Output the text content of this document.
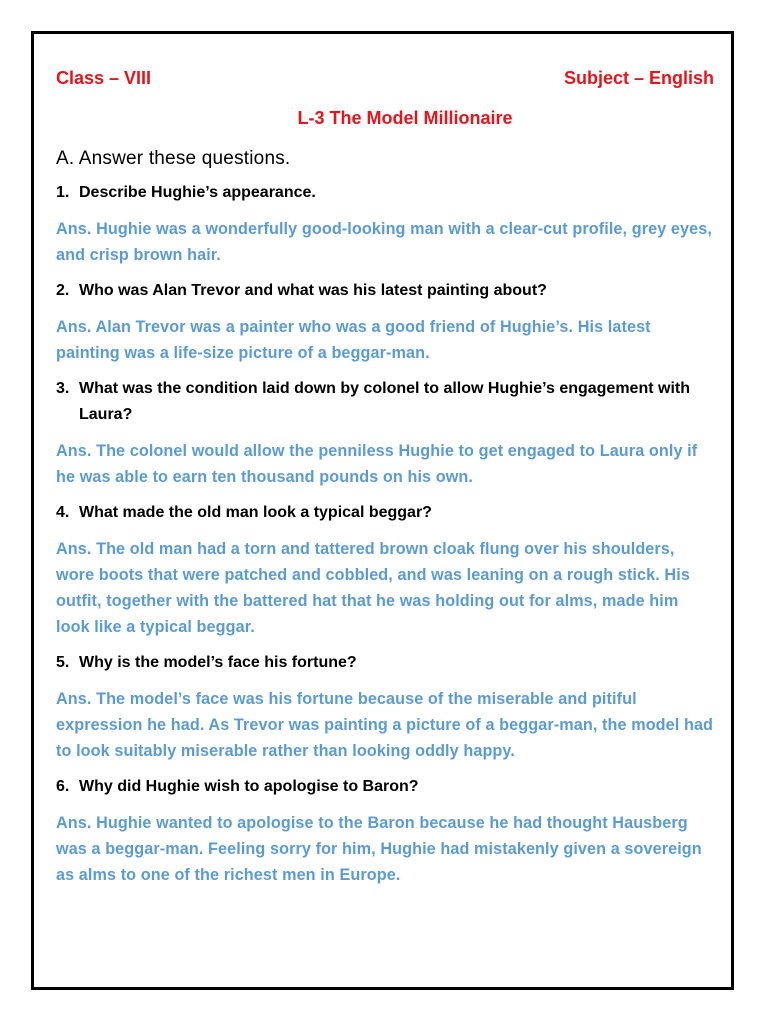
Class – VIII	Subject – English
L-3 The Model Millionaire
A. Answer these questions.
1. Describe Hughie’s appearance.
Ans. Hughie was a wonderfully good-looking man with a clear-cut profile, grey eyes, and crisp brown hair.
2. Who was Alan Trevor and what was his latest painting about?
Ans. Alan Trevor was a painter who was a good friend of Hughie’s. His latest painting was a life-size picture of a beggar-man.
3. What was the condition laid down by colonel to allow Hughie’s engagement with Laura?
Ans. The colonel would allow the penniless Hughie to get engaged to Laura only if he was able to earn ten thousand pounds on his own.
4. What made the old man look a typical beggar?
Ans. The old man had a torn and tattered brown cloak flung over his shoulders, wore boots that were patched and cobbled, and was leaning on a rough stick. His outfit, together with the battered hat that he was holding out for alms, made him look like a typical beggar.
5. Why is the model’s face his fortune?
Ans. The model’s face was his fortune because of the miserable and pitiful expression he had. As Trevor was painting a picture of a beggar-man, the model had to look suitably miserable rather than looking oddly happy.
6. Why did Hughie wish to apologise to Baron?
Ans. Hughie wanted to apologise to the Baron because he had thought Hausberg was a beggar-man. Feeling sorry for him, Hughie had mistakenly given a sovereign as alms to one of the richest men in Europe.
